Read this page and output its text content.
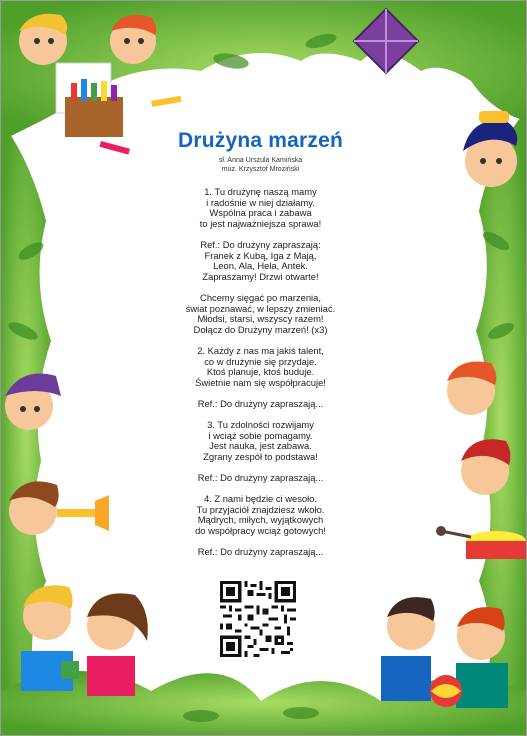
Drużyna marzeń
sł. Anna Urszula Kamińska
muz. Krzysztof Mroziński
1. Tu drużynę naszą mamy
i radośnie w niej działamy.
Wspólna praca i zabawa
to jest najważniejsza sprawa!
Ref.: Do drużyny zapraszają:
Franek z Kubą, Iga z Mają,
Leon, Ala, Hela, Antek.
Zapraszamy! Drzwi otwarte!
Chcemy sięgać po marzenia,
świat poznawać, w lepszy zmieniać.
Młodsi, starsi, wszyscy razem!
Dołącz do Drużyny marzeń! (x3)
2. Każdy z nas ma jakiś talent,
co w drużynie się przydaje.
Ktoś planuje, ktoś buduje.
Świetnie nam się współpracuje!
Ref.: Do drużyny zapraszają...
3. Tu zdolności rozwijamy
i wciąż sobie pomagamy.
Jest nauka, jest zabawa.
Zgrany zespół to podstawa!
Ref.: Do drużyny zapraszają...
4. Z nami będzie ci wesoło.
Tu przyjaciół znajdziesz wkoło.
Mądrych, miłych, wyjątkowych
do współpracy wciąż gotowych!
Ref.: Do drużyny zapraszają...
